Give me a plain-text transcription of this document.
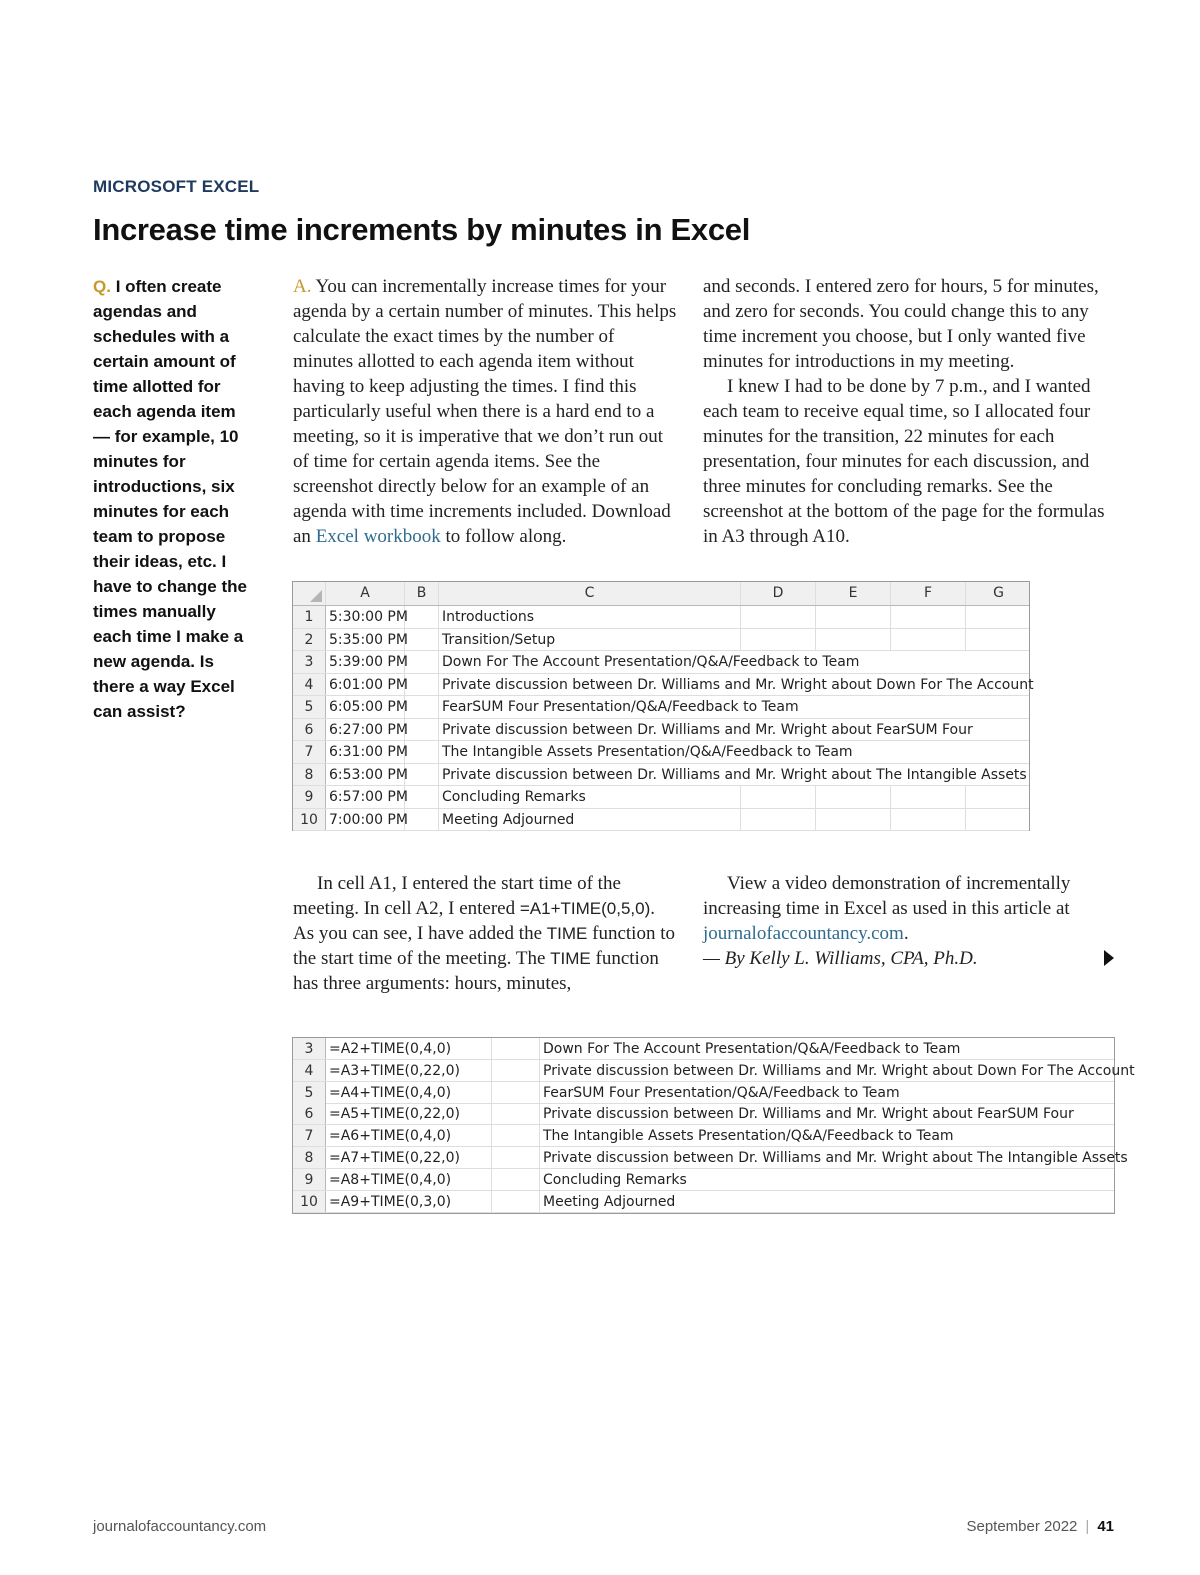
MICROSOFT EXCEL
Increase time increments by minutes in Excel
Q. I often create agendas and schedules with a certain amount of time allotted for each agenda item — for example, 10 minutes for introductions, six minutes for each team to propose their ideas, etc. I have to change the times manually each time I make a new agenda. Is there a way Excel can assist?

A. You can incrementally increase times for your agenda by a certain number of minutes. This helps calculate the exact times by the number of minutes allotted to each agenda item without having to keep adjusting the times. I find this particularly useful when there is a hard end to a meeting, so it is imperative that we don’t run out of time for certain agenda items. See the screenshot directly below for an example of an agenda with time increments included. Download an Excel workbook to follow along.

and seconds. I entered zero for hours, 5 for minutes, and zero for seconds. You could change this to any time increment you choose, but I only wanted five minutes for introductions in my meeting.

I knew I had to be done by 7 p.m., and I wanted each team to receive equal time, so I allocated four minutes for the transition, 22 minutes for each presentation, four minutes for each discussion, and three minutes for concluding remarks. See the screenshot at the bottom of the page for the formulas in A3 through A10.

A	B	C	D	E	F	G
1	5:30:00 PM Introductions
2	5:35:00 PM Transition/Setup
3	5:39:00 PM Down For The Account Presentation/Q&A/Feedback to Team
4	6:01:00 PM Private discussion between Dr. Williams and Mr. Wright about Down For The Account
5	6:05:00 PM FearSUM Four Presentation/Q&A/Feedback to Team
6	6:27:00 PM Private discussion between Dr. Williams and Mr. Wright about FearSUM Four
7	6:31:00 PM The Intangible Assets Presentation/Q&A/Feedback to Team
8	6:53:00 PM Private discussion between Dr. Williams and Mr. Wright about The Intangible Assets
9	6:57:00 PM Concluding Remarks
10 7:00:00 PM Meeting Adjourned

In cell A1, I entered the start time of the meeting. In cell A2, I entered =A1+TIME(0,5,0). As you can see, I have added the TIME function to the start time of the meeting. The TIME function has three arguments: hours, minutes,

View a video demonstration of incrementally increasing time in Excel as used in this article at journalofaccountancy.com.

— By Kelly L. Williams, CPA, Ph.D.

3	=A2+TIME(0,4,0)	Down For The Account Presentation/Q&A/Feedback to Team
4	=A3+TIME(0,22,0)	Private discussion between Dr. Williams and Mr. Wright about Down For The Account
5	=A4+TIME(0,4,0)	FearSUM Four Presentation/Q&A/Feedback to Team
6	=A5+TIME(0,22,0)	Private discussion between Dr. Williams and Mr. Wright about FearSUM Four
7	=A6+TIME(0,4,0)	The Intangible Assets Presentation/Q&A/Feedback to Team
8	=A7+TIME(0,22,0)	Private discussion between Dr. Williams and Mr. Wright about The Intangible Assets
9	=A8+TIME(0,4,0)	Concluding Remarks
10 =A9+TIME(0,3,0)	Meeting Adjourned
journalofaccountancy.com	September 2022 | 41
